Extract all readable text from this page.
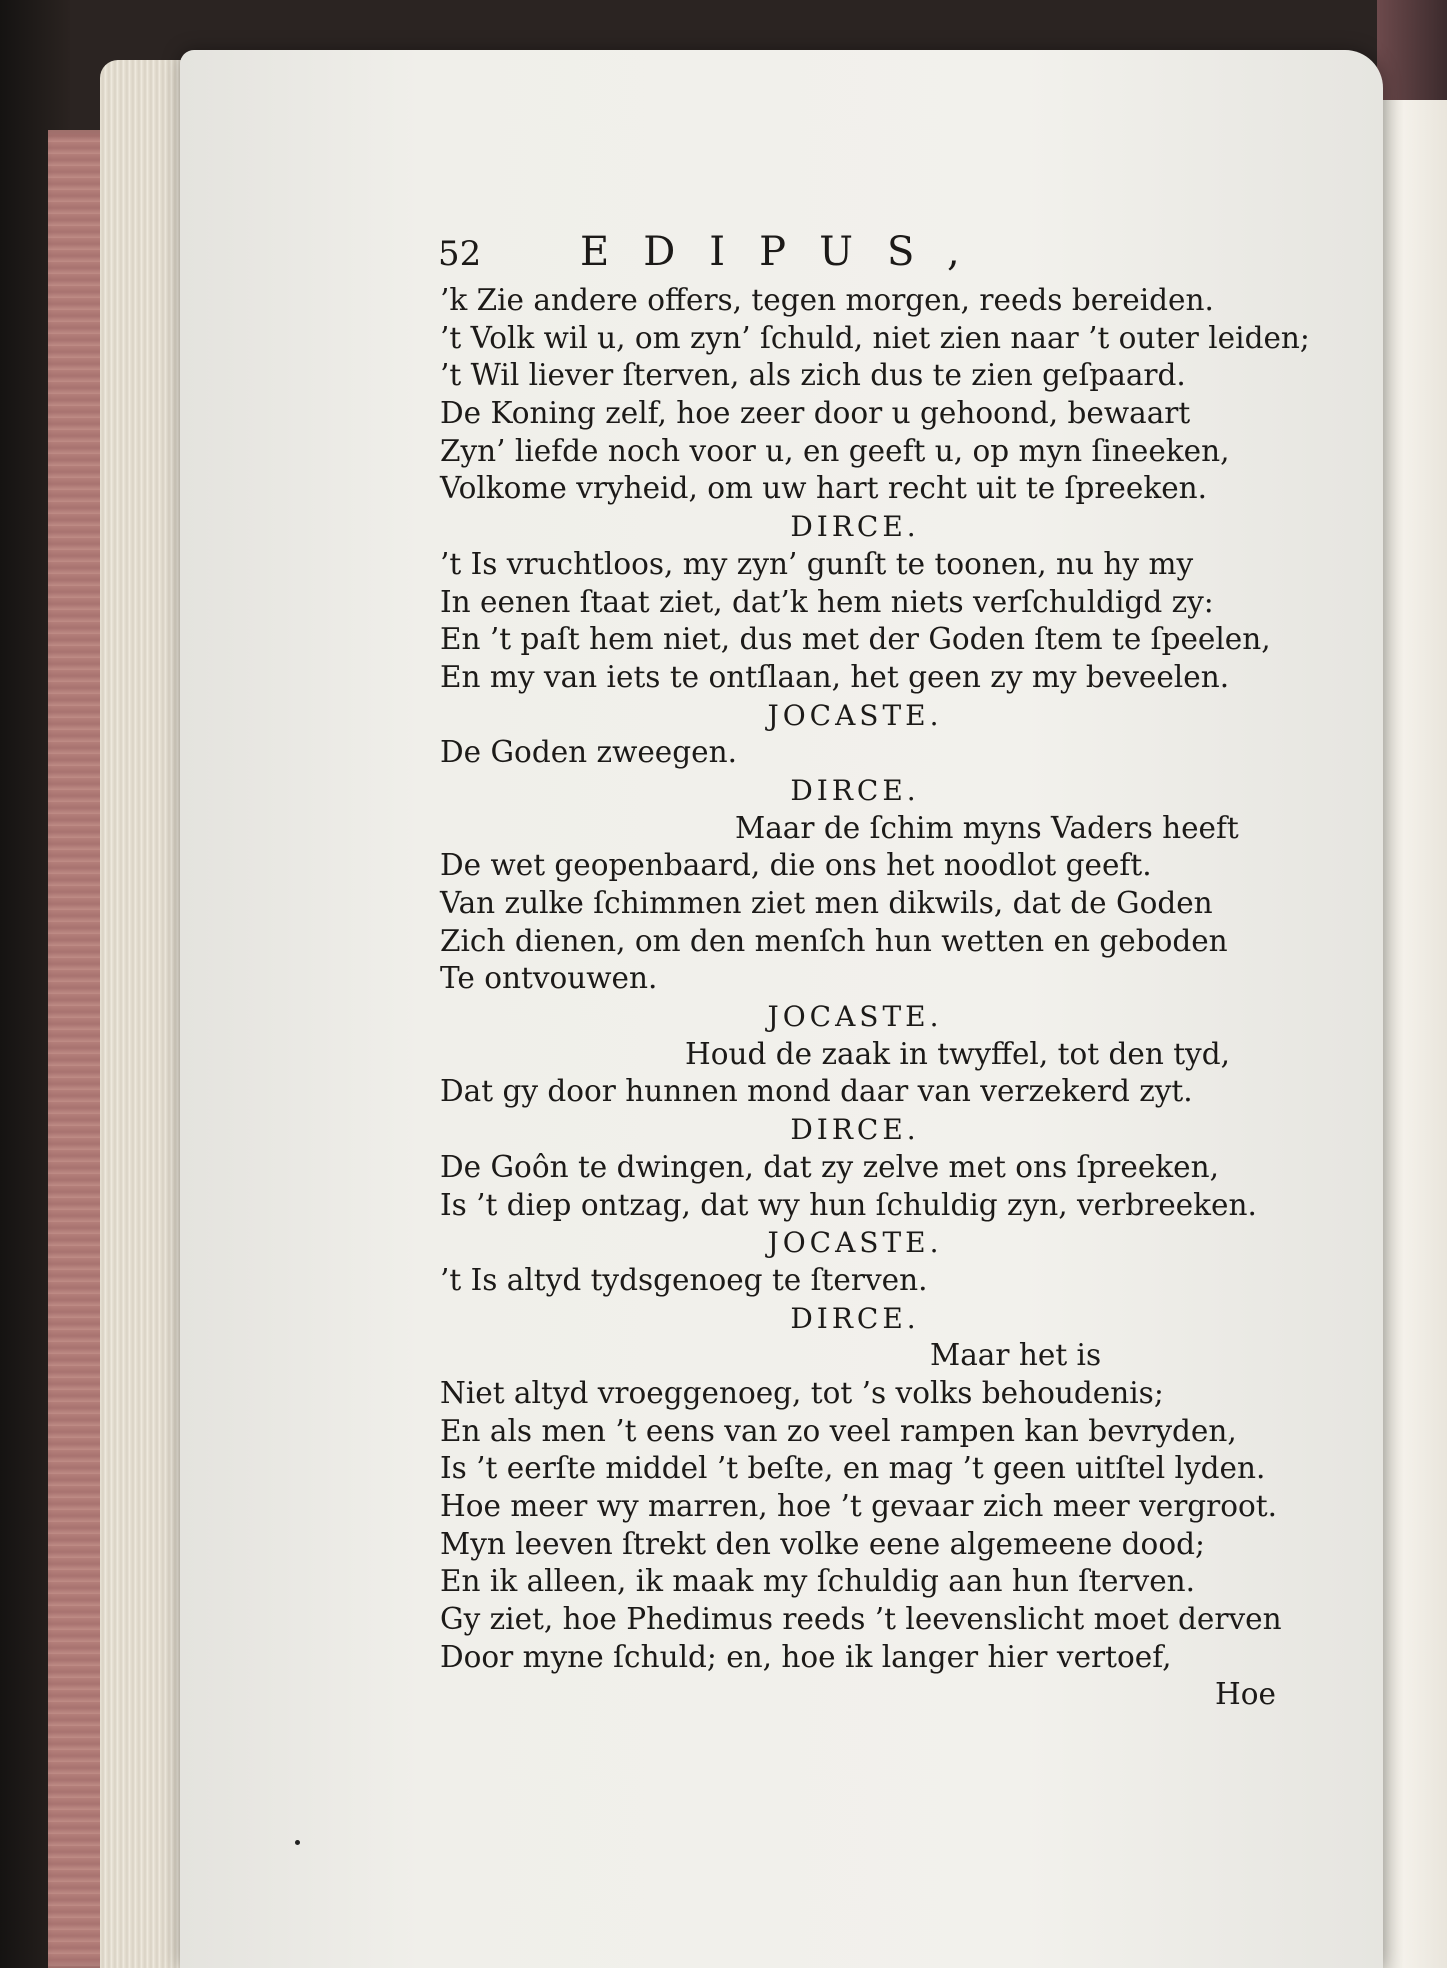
52 EDIPUS,
’k Zie andere offers, tegen morgen, reeds bereiden.
’t Volk wil u, om zyn’ ſchuld, niet zien naar ’t outer leiden;
’t Wil liever ſterven, als zich dus te zien geſpaard.
De Koning zelf, hoe zeer door u gehoond, bewaart
Zyn’ liefde noch voor u, en geeft u, op myn ſineeken,
Volkome vryheid, om uw hart recht uit te ſpreeken.
DIRCE.
’t Is vruchtloos, my zyn’ gunſt te toonen, nu hy my
In eenen ſtaat ziet, dat’k hem niets verſchuldigd zy:
En ’t paſt hem niet, dus met der Goden ſtem te ſpeelen,
En my van iets te ontſlaan, het geen zy my beveelen.
JOCASTE.
De Goden zweegen.
DIRCE.
Maar de ſchim myns Vaders heeft
De wet geopenbaard, die ons het noodlot geeft.
Van zulke ſchimmen ziet men dikwils, dat de Goden
Zich dienen, om den menſch hun wetten en geboden
Te ontvouwen.
JOCASTE.
Houd de zaak in twyffel, tot den tyd,
Dat gy door hunnen mond daar van verzekerd zyt.
DIRCE.
De Goôn te dwingen, dat zy zelve met ons ſpreeken,
Is ’t diep ontzag, dat wy hun ſchuldig zyn, verbreeken.
JOCASTE.
’t Is altyd tydsgenoeg te ſterven.
DIRCE.
Maar het is
Niet altyd vroeggenoeg, tot ’s volks behoudenis;
En als men ’t eens van zo veel rampen kan bevryden,
Is ’t eerſte middel ’t beſte, en mag ’t geen uitſtel lyden.
Hoe meer wy marren, hoe ’t gevaar zich meer vergroot.
Myn leeven ſtrekt den volke eene algemeene dood;
En ik alleen, ik maak my ſchuldig aan hun ſterven.
Gy ziet, hoe Phedimus reeds ’t leevenslicht moet derven
Door myne ſchuld; en, hoe ik langer hier vertoef,
Hoe
